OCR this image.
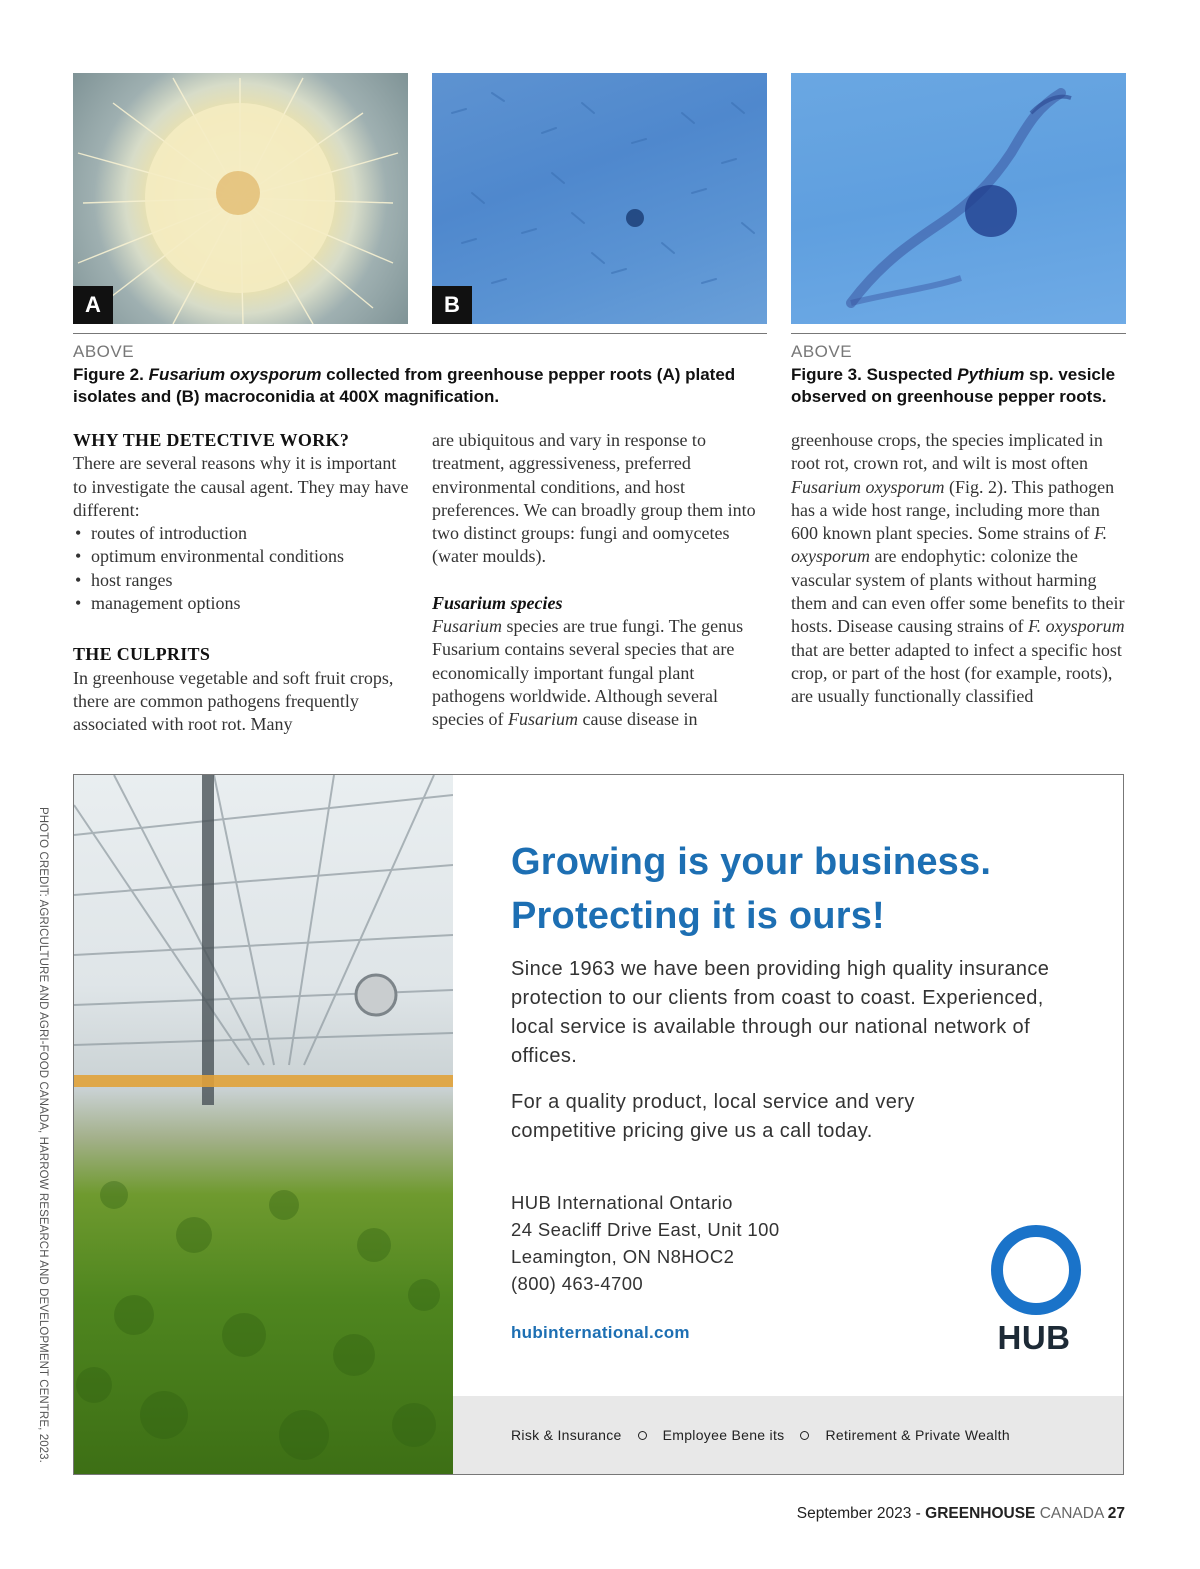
A	B
ABOVE
Figure 2. Fusarium oxysporum collected from greenhouse pepper roots (A) plated
isolates and (B) macroconidia at 400X magnification.
ABOVE
Figure 3. Suspected Pythium sp. vesicle
observed on greenhouse pepper roots.

WHY THE DETECTIVE WORK?

There are several reasons why it is important to investigate the causal agent. They may have different:

• routes of introduction
• optimum environmental conditions
• host ranges
• management options

THE CULPRITS

In greenhouse vegetable and soft fruit crops, there are common pathogens frequently associated with root rot. Many

are ubiquitous and vary in response to treatment, aggressiveness, preferred environmental conditions, and host preferences. We can broadly group them into two distinct groups: fungi and oomycetes (water moulds).

Fusarium species

Fusarium species are true fungi. The genus Fusarium contains several species that are economically important fungal plant pathogens worldwide. Although several species of Fusarium cause disease in

greenhouse crops, the species implicated in root rot, crown rot, and wilt is most often Fusarium oxysporum (Fig. 2). This pathogen has a wide host range, including more than 600 known plant species. Some strains of F. oxysporum are endophytic: colonize the vascular system of plants without harming them and can even offer some benefits to their hosts. Disease causing strains of F. oxysporum that are better adapted to infect a specific host crop, or part of the host (for example, roots), are usually functionally classified

PHOTO CREDIT: AGRICULTURE AND AGRI-FOOD CANADA, HARROW RESEARCH AND DEVELOPMENT CENTRE, 2023.	Growing is your business.
Protecting it is ours!
Since 1963 we have been providing high quality insurance protection to our clients from coast to coast. Experienced, local service is available through our national network of offices.
For a quality product, local service and very competitive pricing give us a call today.
HUB International Ontario
24 Seacliff Drive East, Unit 100
Leamington, ON N8HOC2
(800) 463-4700
hubinternational.com	HUB
Risk & Insurance	Employee Bene its	Retirement & Private Wealth
September 2023 - GREENHOUSE CANADA 27
